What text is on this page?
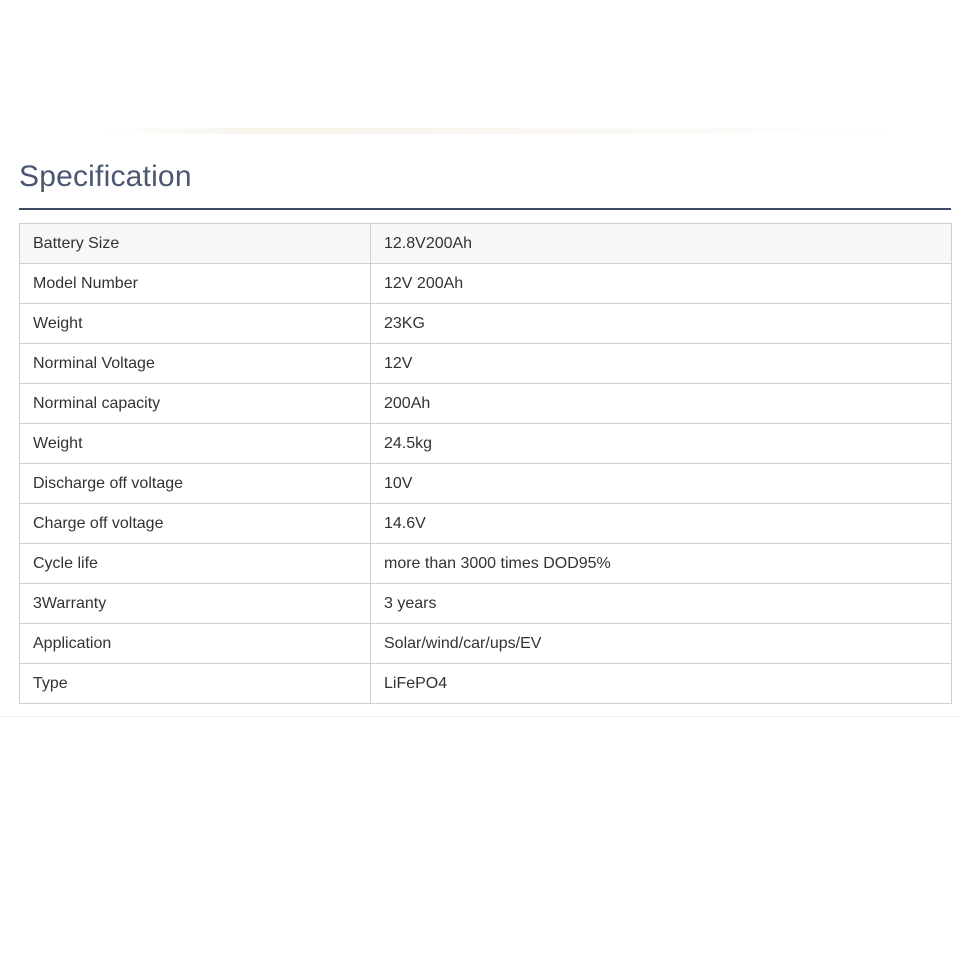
Specification
Battery Size	12.8V200Ah
Model Number	12V 200Ah
Weight	23KG
Norminal Voltage	12V
Norminal capacity	200Ah
Weight	24.5kg
Discharge off voltage	10V
Charge off voltage	14.6V
Cycle life	more than 3000 times DOD95%
3Warranty	3 years
Application	Solar/wind/car/ups/EV
Type	LiFePO4
